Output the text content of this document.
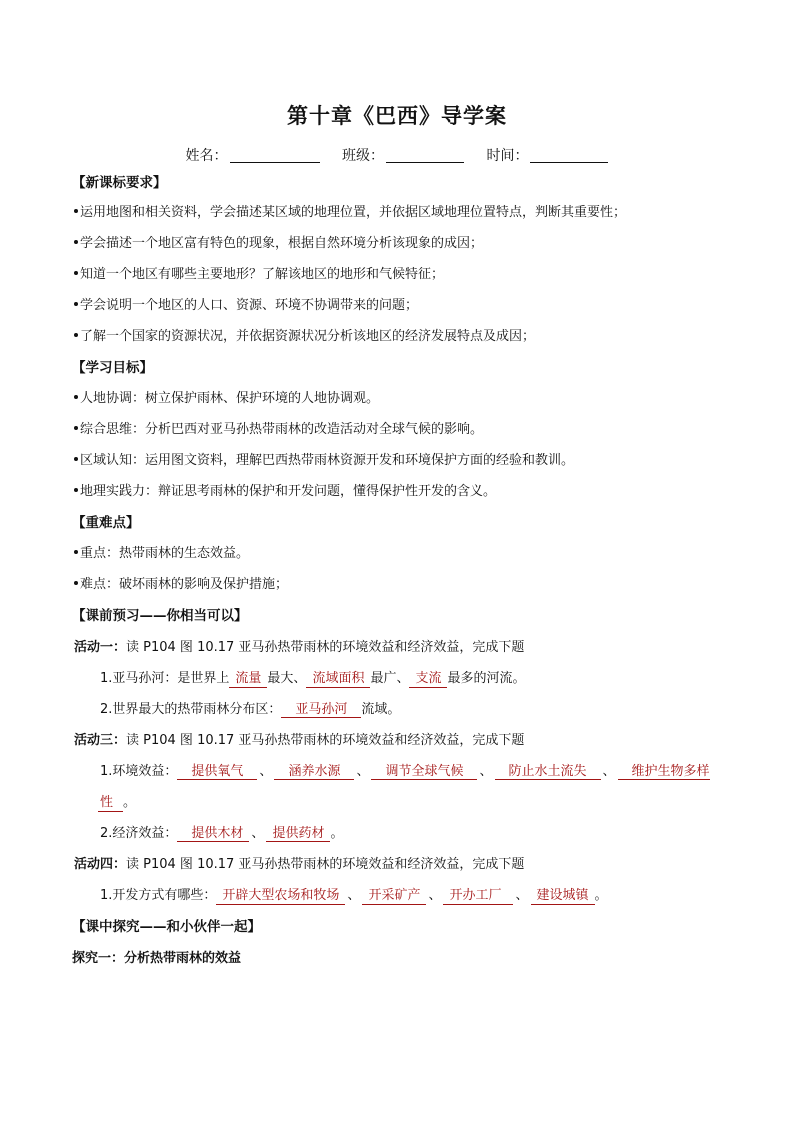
第十章《巴西》导学案
姓名：	班级：	时间：
【新课标要求】
运用地图和相关资料，学会描述某区域的地理位置，并依据区域地理位置特点，判断其重要性；
学会描述一个地区富有特色的现象，根据自然环境分析该现象的成因；
知道一个地区有哪些主要地形？了解该地区的地形和气候特征；
学会说明一个地区的人口、资源、环境不协调带来的问题；
了解一个国家的资源状况，并依据资源状况分析该地区的经济发展特点及成因；
【学习目标】
人地协调：树立保护雨林、保护环境的人地协调观。
综合思维：分析巴西对亚马孙热带雨林的改造活动对全球气候的影响。
区域认知：运用图文资料，理解巴西热带雨林资源开发和环境保护方面的经验和教训。
地理实践力：辩证思考雨林的保护和开发问题，懂得保护性开发的含义。
【重难点】
重点：热带雨林的生态效益。
难点：破坏雨林的影响及保护措施；
【课前预习——你相当可以】
活动一：读 P104 图 10.17 亚马孙热带雨林的环境效益和经济效益，完成下题
1.亚马孙河：是世界上 流量 最大、 流域面积 最广、 支流 最多的河流。
2.世界最大的热带雨林分布区： 亚马孙河 流域。
活动三：读 P104 图 10.17 亚马孙热带雨林的环境效益和经济效益，完成下题
1.环境效益： 提供氧气 、 涵养水源 、 调节全球气候 、 防止水土流失 、 维护生物多样
性 。
2.经济效益： 提供木材 、 提供药材 。
活动四：读 P104 图 10.17 亚马孙热带雨林的环境效益和经济效益，完成下题
1.开发方式有哪些： 开辟大型农场和牧场 、 开采矿产 、 开办工厂 、 建设城镇 。
【课中探究——和小伙伴一起】
探究一：分析热带雨林的效益
